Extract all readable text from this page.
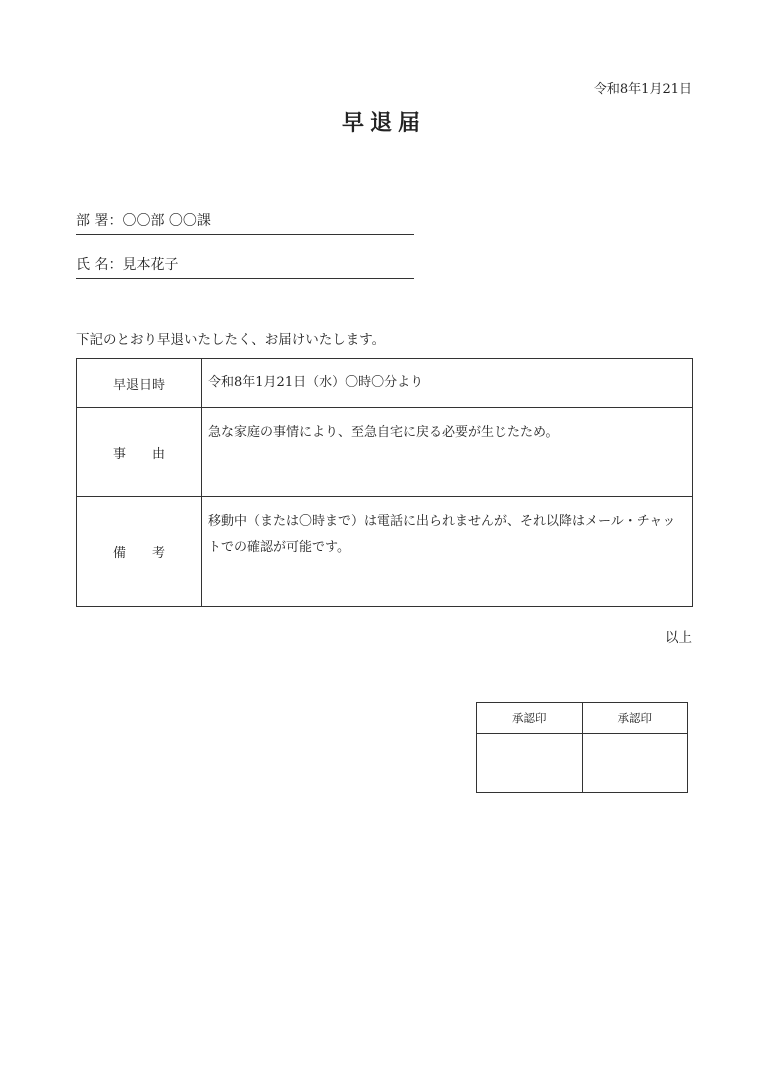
令和8年1月21日
早退届
部 署：〇〇部 〇〇課
氏 名：見本花子
下記のとおり早退いたしたく、お届けいたします。
早退日時	令和8年1月21日（水）〇時〇分より
事　　由	急な家庭の事情により、至急自宅に戻る必要が生じたため。
備　　考	移動中（または〇時まで）は電話に出られませんが、それ以降はメール・チャットでの確認が可能です。
以上
承認印	承認印
